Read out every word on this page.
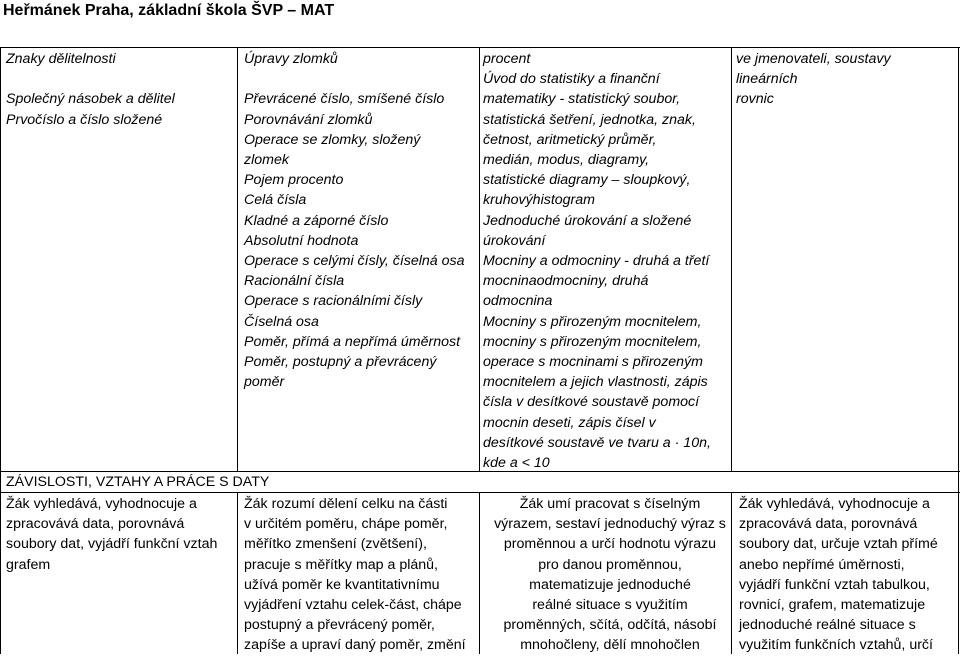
Heřmánek Praha, základní škola ŠVP – MAT
Znaky dělitelnosti

Společný násobek a dělitel
Prvočíslo a číslo složené
Úpravy zlomků

Převrácené číslo, smíšené číslo
Porovnávání zlomků
Operace se zlomky, složený
zlomek
Pojem procento
Celá čísla
Kladné a záporné číslo
Absolutní hodnota
Operace s celými čísly, číselná osa
Racionální čísla
Operace s racionálními čísly
Číselná osa
Poměr, přímá a nepřímá úměrnost
Poměr, postupný a převrácený
poměr
procent
Úvod do statistiky a finanční
matematiky - statistický soubor,
statistická šetření, jednotka, znak,
četnost, aritmetický průměr,
medián, modus, diagramy,
statistické diagramy – sloupkový,
kruhovýhistogram
Jednoduché úrokování a složené
úrokování
Mocniny a odmocniny - druhá a třetí
mocninaodmocniny, druhá
odmocnina
Mocniny s přirozeným mocnitelem,
mocniny s přirozeným mocnitelem,
operace s mocninami s přirozeným
mocnitelem a jejich vlastnosti, zápis
čísla v desítkové soustavě pomocí
mocnin deseti, zápis čísel v
desítkové soustavě ve tvaru a · 10n,
kde a < 10
ve jmenovateli, soustavy
lineárních
rovnic
ZÁVISLOSTI, VZTAHY A PRÁCE S DATY
Žák vyhledává, vyhodnocuje a
zpracovává data, porovnává
soubory dat, vyjádří funkční vztah
grafem
Žák rozumí dělení celku na části
v určitém poměru, chápe poměr,
měřítko zmenšení (zvětšení),
pracuje s měřítky map a plánů,
užívá poměr ke kvantitativnímu
vyjádření vztahu celek-část, chápe
postupný a převrácený poměr,
zapíše a upraví daný poměr, změní
Žák umí pracovat s číselným
výrazem, sestaví jednoduchý výraz s
proměnnou a určí hodnotu výrazu
pro danou proměnnou,
matematizuje jednoduché
reálné situace s využitím
proměnných, sčítá, odčítá, násobí
mnohočleny, dělí mnohočlen
Žák vyhledává, vyhodnocuje a
zpracovává data, porovnává
soubory dat, určuje vztah přímé
anebo nepřímé úměrnosti,
vyjádří funkční vztah tabulkou,
rovnicí, grafem, matematizuje
jednoduché reálné situace s
využitím funkčních vztahů, určí
